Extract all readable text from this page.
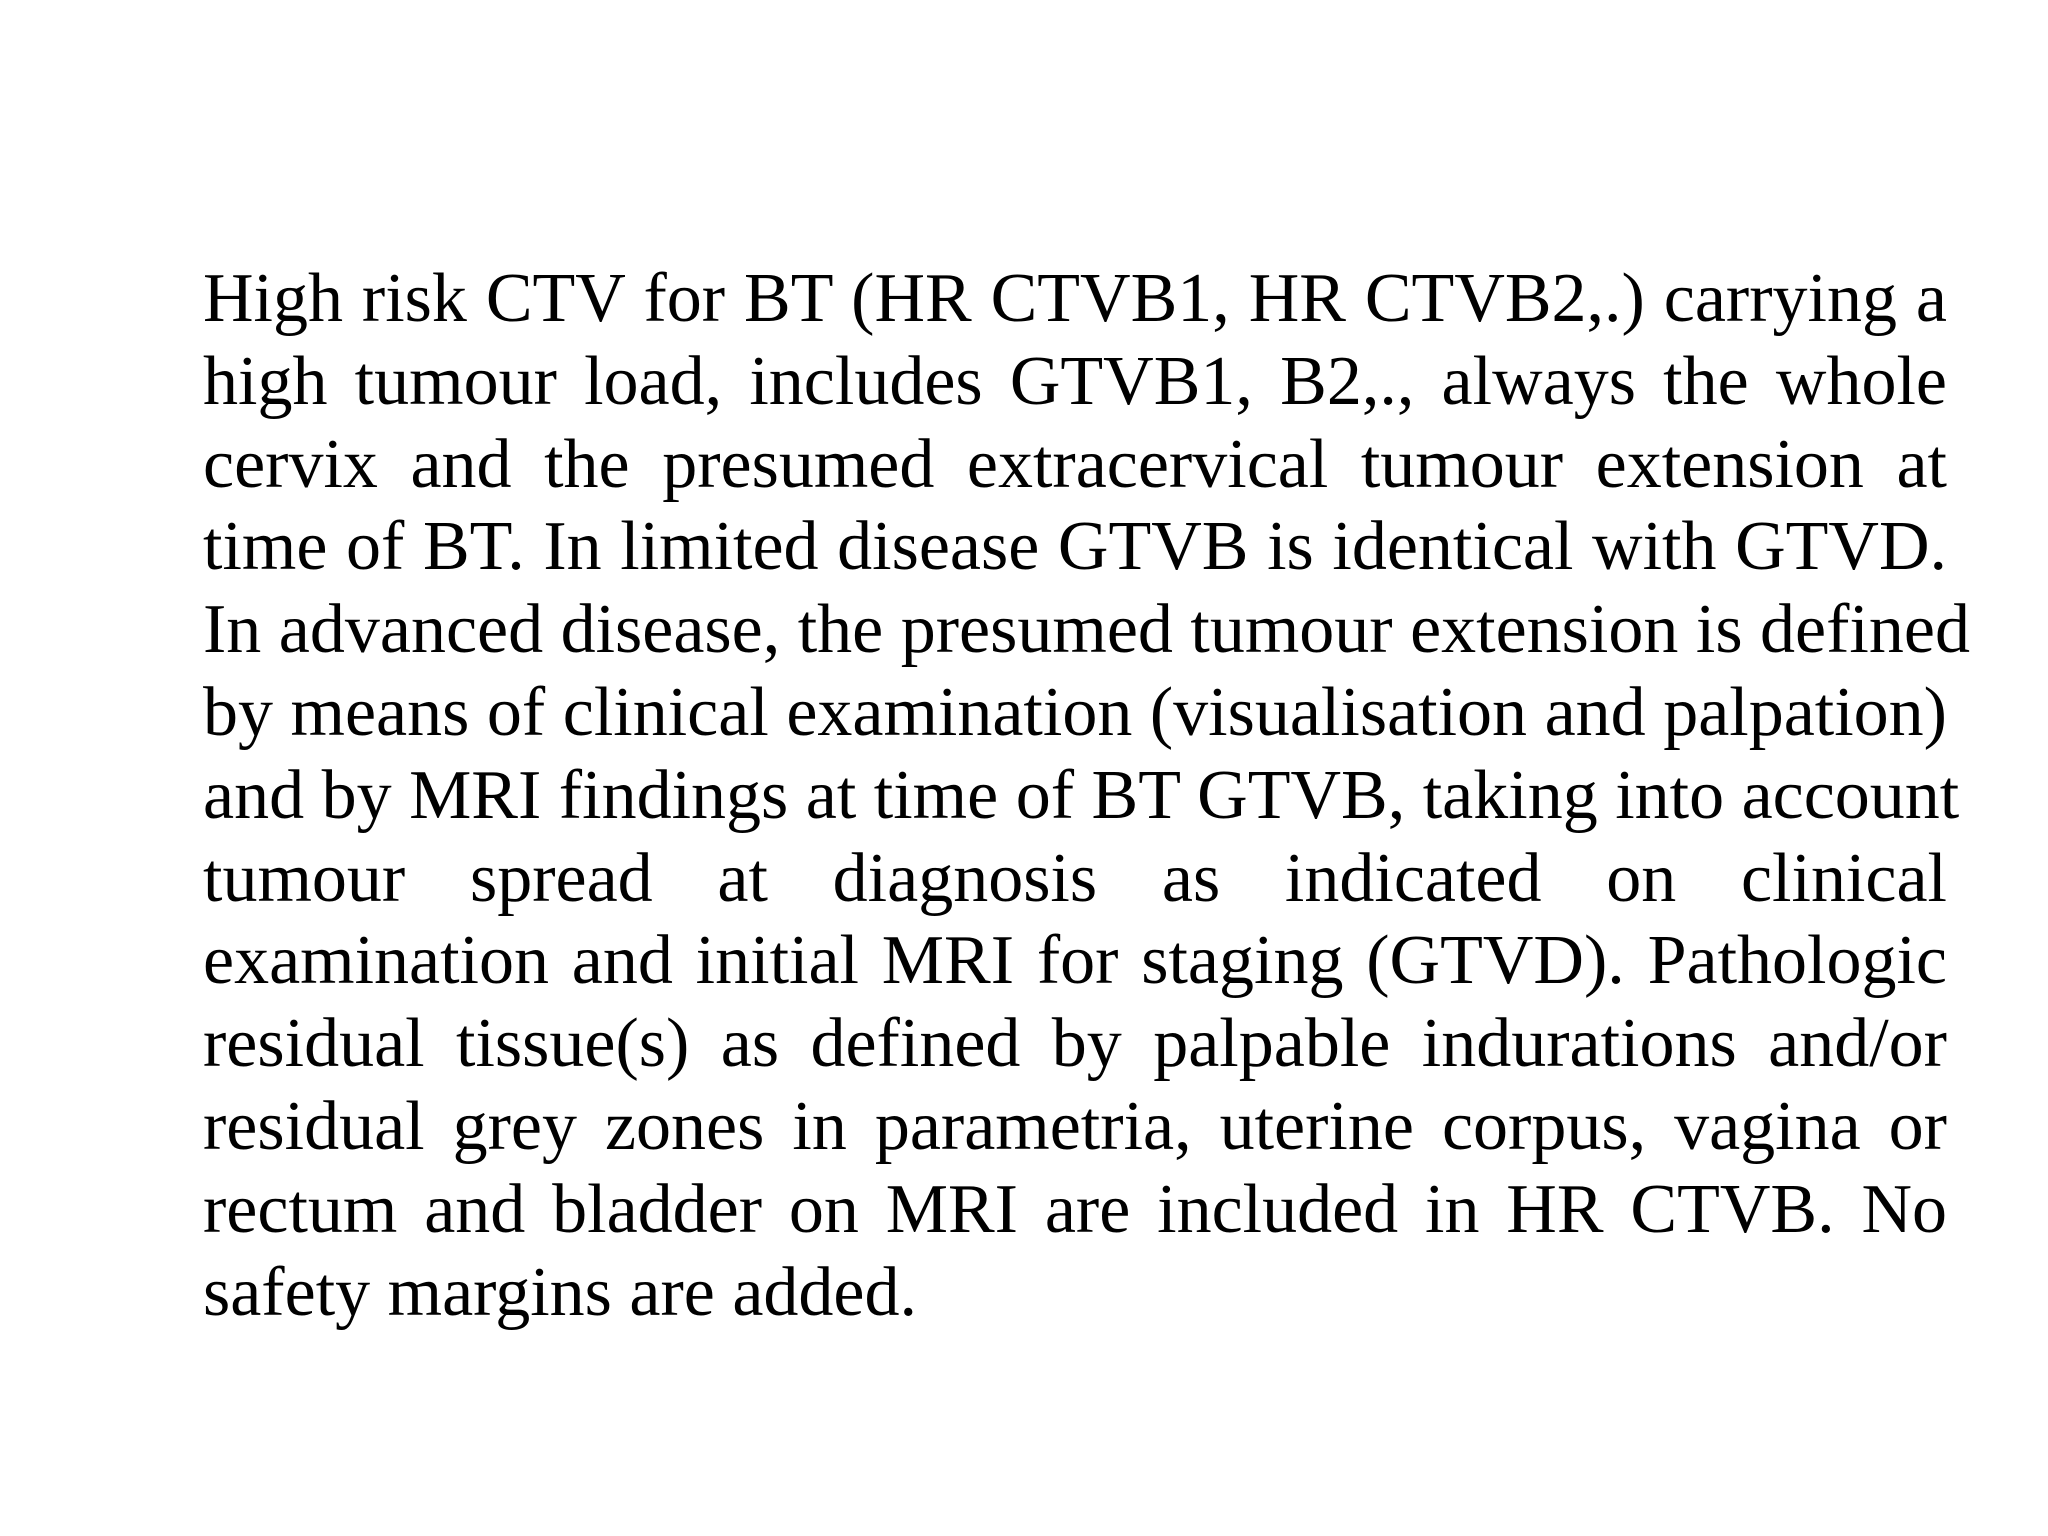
High risk CTV for BT (HR CTVB1, HR CTVB2,.) carrying a
high tumour load, includes GTVB1, B2,., always the whole
cervix and the presumed extracervical tumour extension at
time of BT. In limited disease GTVB is identical with GTVD.
In advanced disease, the presumed tumour extension is defined
by means of clinical examination (visualisation and palpation)
and by MRI findings at time of BT GTVB, taking into account
tumour spread at diagnosis as indicated on clinical
examination and initial MRI for staging (GTVD). Pathologic
residual tissue(s) as defined by palpable indurations and/or
residual grey zones in parametria, uterine corpus, vagina or
rectum and bladder on MRI are included in HR CTVB. No
safety margins are added.
